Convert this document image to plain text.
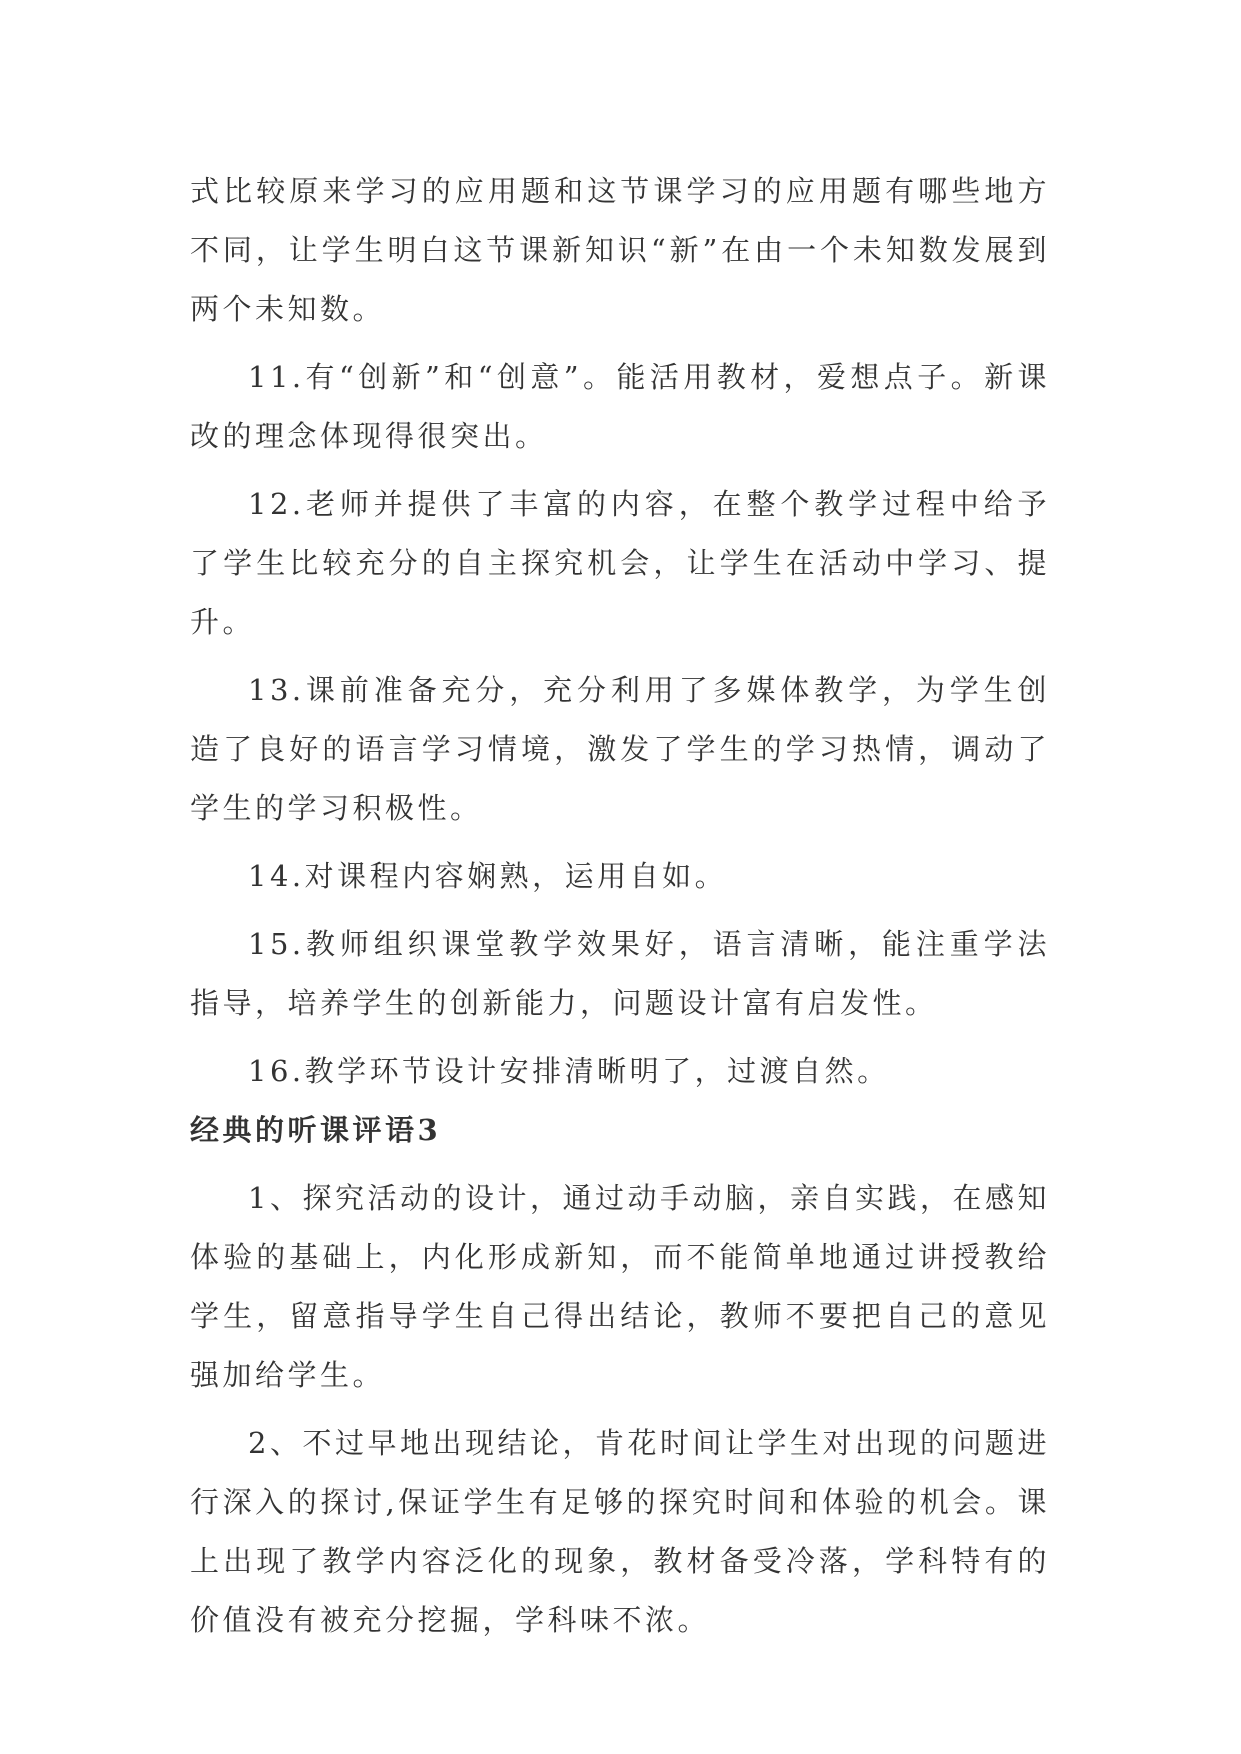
式比较原来学习的应用题和这节课学习的应用题有哪些地方不同，让学生明白这节课新知识“新”在由一个未知数发展到两个未知数。

11.有“创新”和“创意”。能活用教材，爱想点子。新课改的理念体现得很突出。

12.老师并提供了丰富的内容，在整个教学过程中给予了学生比较充分的自主探究机会，让学生在活动中学习、提升。

13.课前准备充分，充分利用了多媒体教学，为学生创造了良好的语言学习情境，激发了学生的学习热情，调动了学生的学习积极性。

14.对课程内容娴熟，运用自如。

15.教师组织课堂教学效果好，语言清晰，能注重学法指导，培养学生的创新能力，问题设计富有启发性。

16.教学环节设计安排清晰明了，过渡自然。

经典的听课评语3

1、探究活动的设计，通过动手动脑，亲自实践，在感知体验的基础上，内化形成新知，而不能简单地通过讲授教给学生，留意指导学生自己得出结论，教师不要把自己的意见强加给学生。

2、不过早地出现结论，肯花时间让学生对出现的问题进行深入的探讨,保证学生有足够的探究时间和体验的机会。课上出现了教学内容泛化的现象，教材备受冷落，学科特有的价值没有被充分挖掘，学科味不浓。
